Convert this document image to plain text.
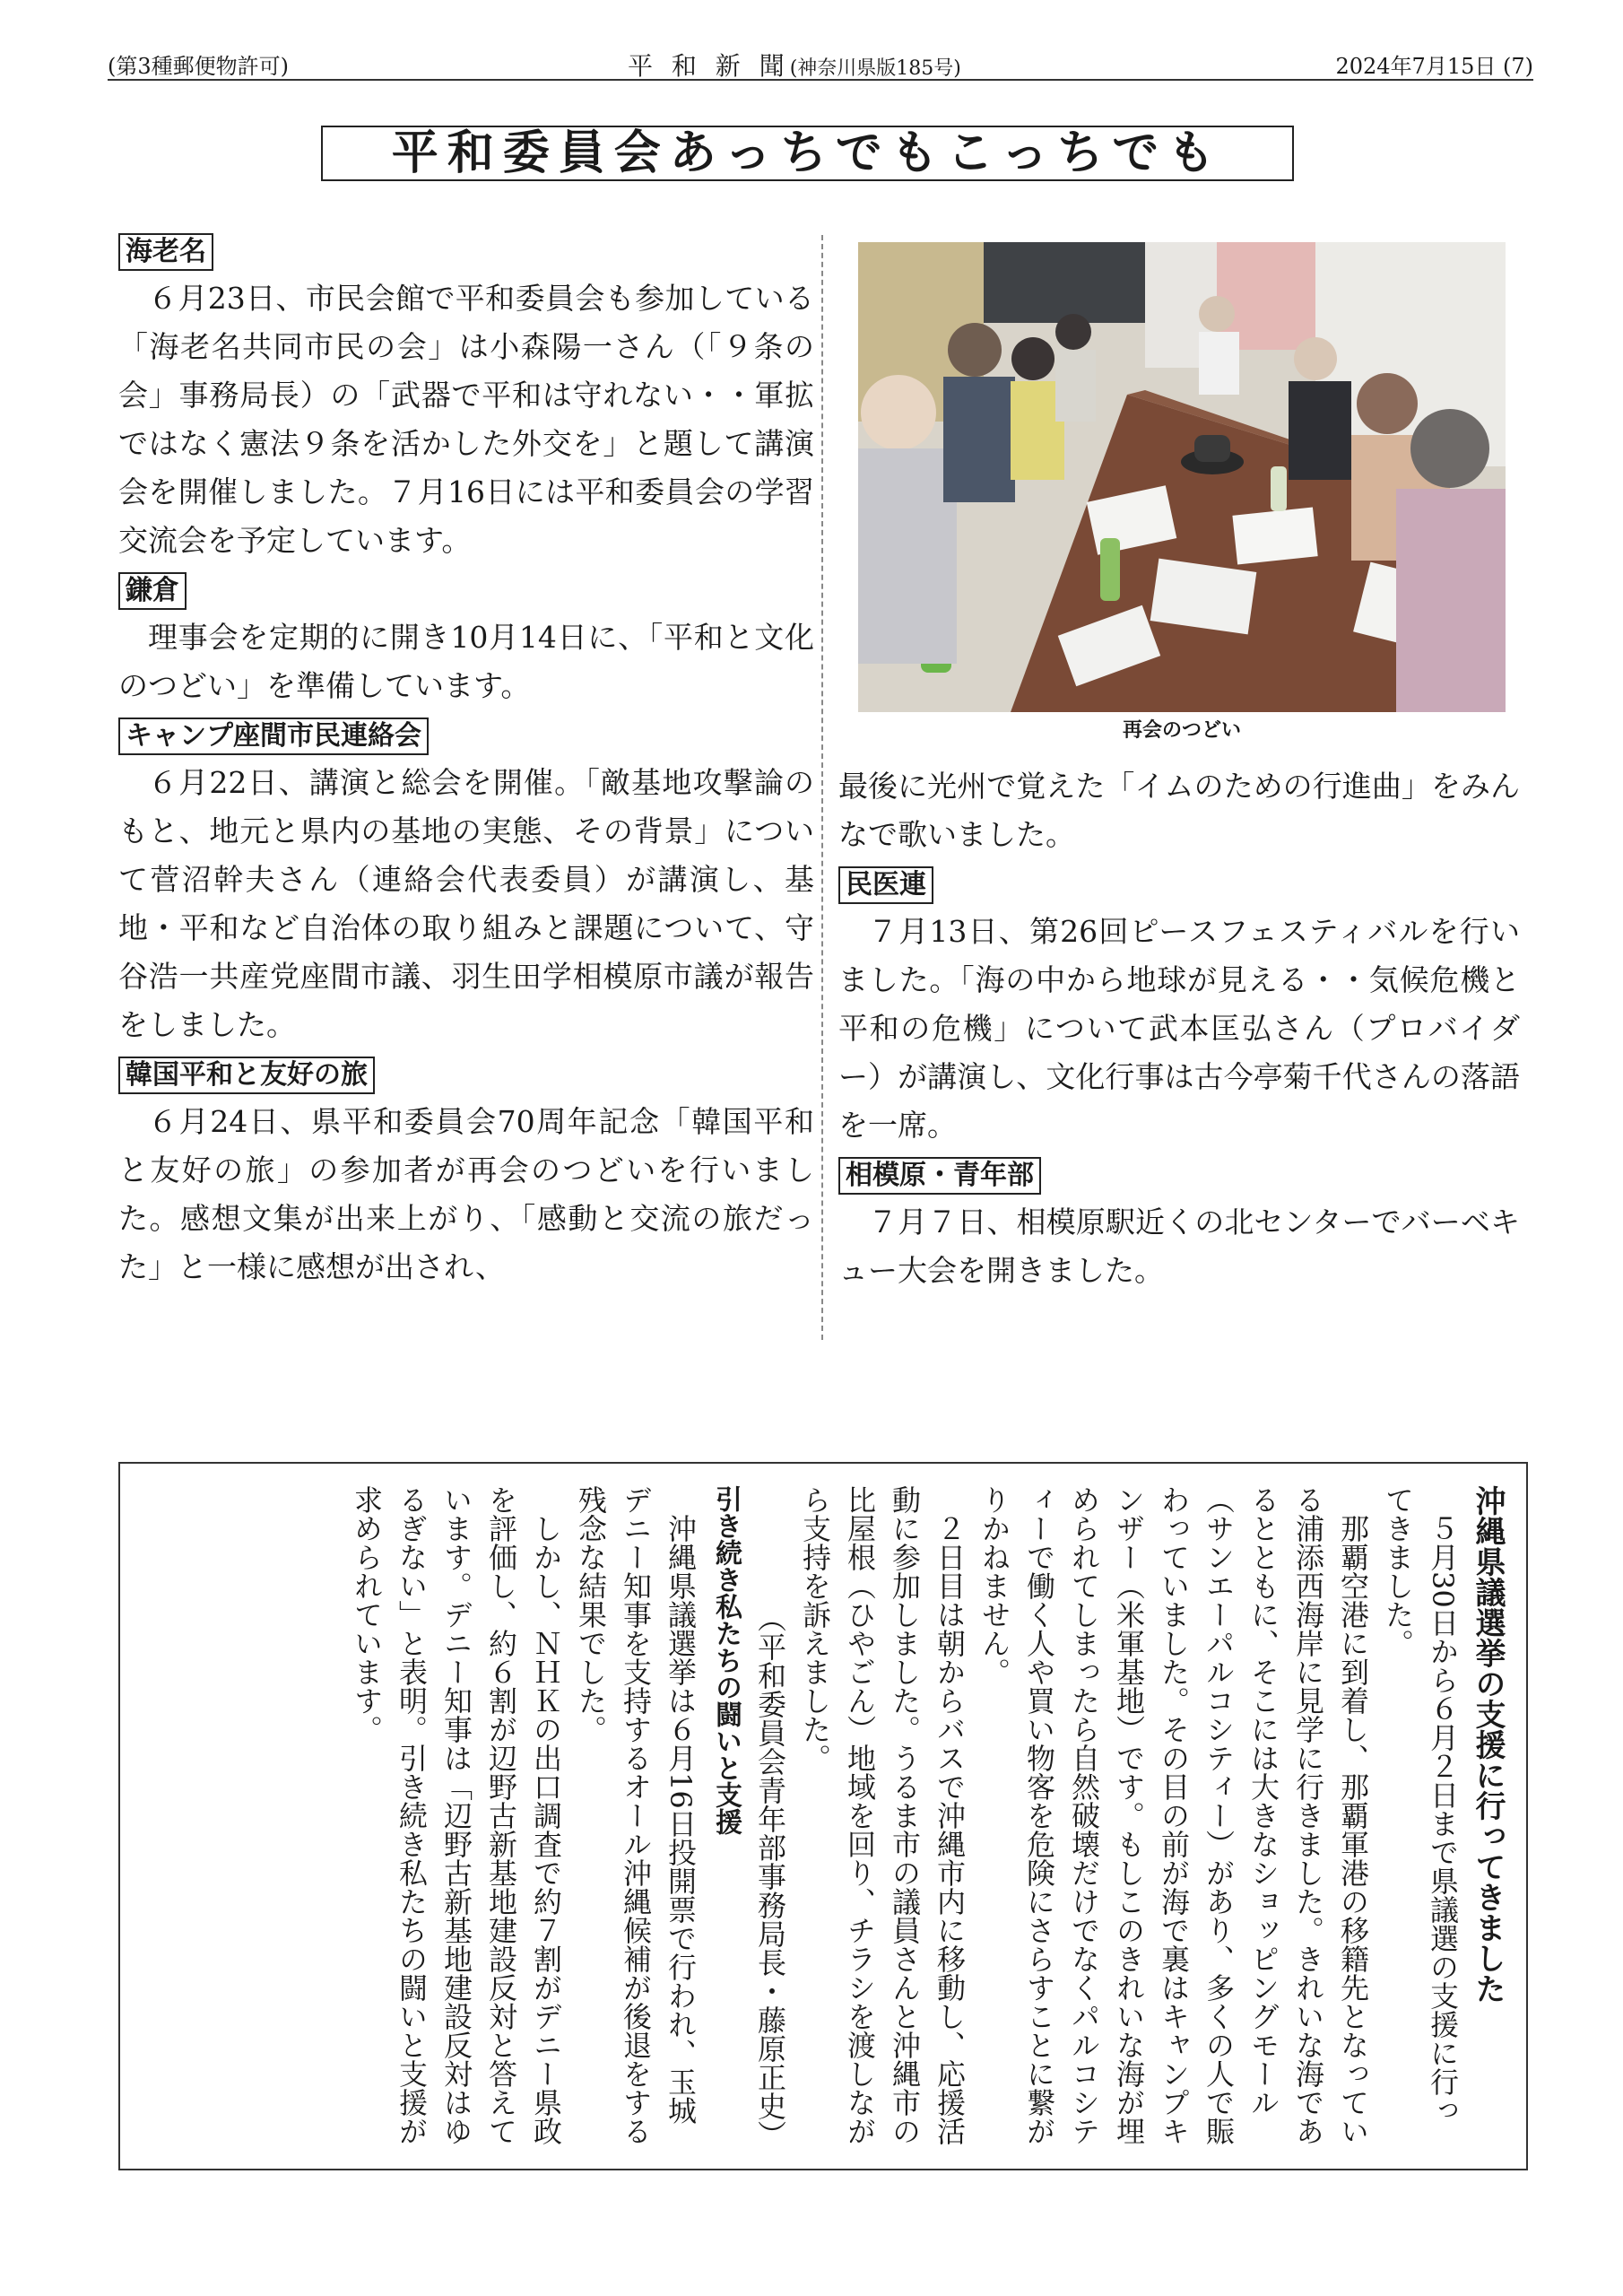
(第3種郵便物許可)	平 和 新 聞(神奈川県版185号)	2024年7月15日 (7)
平和委員会あっちでもこっちでも
海老名

６月23日、市民会館で平和委員会も参加している「海老名共同市民の会」は小森陽一さん（「９条の会」事務局長）の「武器で平和は守れない・・軍拡ではなく憲法９条を活かした外交を」と題して講演会を開催しました。７月16日には平和委員会の学習交流会を予定しています。

鎌倉

理事会を定期的に開き10月14日に、「平和と文化のつどい」を準備しています。

キャンプ座間市民連絡会

６月22日、講演と総会を開催。「敵基地攻撃論のもと、地元と県内の基地の実態、その背景」について菅沼幹夫さん（連絡会代表委員）が講演し、基地・平和など自治体の取り組みと課題について、守谷浩一共産党座間市議、羽生田学相模原市議が報告をしました。

韓国平和と友好の旅

６月24日、県平和委員会70周年記念「韓国平和と友好の旅」の参加者が再会のつどいを行いました。感想文集が出来上がり、「感動と交流の旅だった」と一様に感想が出され、

再会のつどい

最後に光州で覚えた「イムのための行進曲」をみんなで歌いました。

民医連

７月13日、第26回ピースフェスティバルを行いました。「海の中から地球が見える・・気候危機と平和の危機」について武本匡弘さん（プロバイダー）が講演し、文化行事は古今亭菊千代さんの落語を一席。

相模原・青年部

７月７日、相模原駅近くの北センターでバーベキュー大会を開きました。

沖縄県議選挙の支援に行ってきました

５月30日から６月２日まで県議選の支援に行ってきました。

那覇空港に到着し、那覇軍港の移籍先となっている浦添西海岸に見学に行きました。きれいな海であるとともに、そこには大きなショッピングモール（サンエーパルコシティー）があり、多くの人で賑わっていました。その目の前が海で裏はキャンプキンザー（米軍基地）です。もしこのきれいな海が埋められてしまったら自然破壊だけでなくパルコシティーで働く人や買い物客を危険にさらすことに繋がりかねません。

２日目は朝からバスで沖縄市内に移動し、応援活動に参加しました。うるま市の議員さんと沖縄市の比屋根（ひやごん）地域を回り、チラシを渡しながら支持を訴えました。

（平和委員会青年部事務局長・藤原正史）

引き続き私たちの闘いと支援

沖縄県議選挙は６月16日投開票で行われ、玉城デニー知事を支持するオール沖縄候補が後退をする残念な結果でした。

しかし、ＮＨＫの出口調査で約７割がデニー県政を評価し、約６割が辺野古新基地建設反対と答えています。デニー知事は「辺野古新基地建設反対はゆるぎない」と表明。引き続き私たちの闘いと支援が求められています。
